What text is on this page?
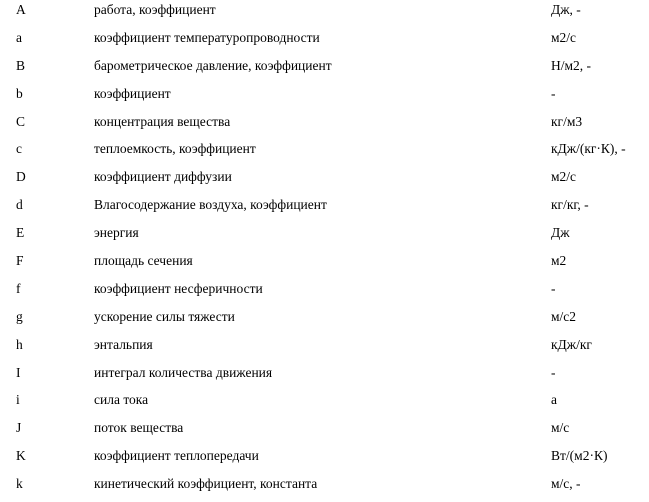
A	работа, коэффициент	Дж, -
a	коэффициент температуропроводности	м2/с
B	барометрическое давление, коэффициент	Н/м2, -
b	коэффициент	-
C	концентрация вещества	кг/м3
c	теплоемкость, коэффициент	кДж/(кг·К), -
D	коэффициент диффузии	м2/с
d	Влагосодержание воздуха, коэффициент	кг/кг, -
E	энергия	Дж
F	площадь сечения	м2
f	коэффициент несферичности	-
g	ускорение силы тяжести	м/с2
h	энтальпия	кДж/кг
I	интеграл количества движения	-
i	сила тока	а
J	поток вещества	м/с
K	коэффициент теплопередачи	Вт/(м2·К)
k	кинетический коэффициент, константа	м/с, -
